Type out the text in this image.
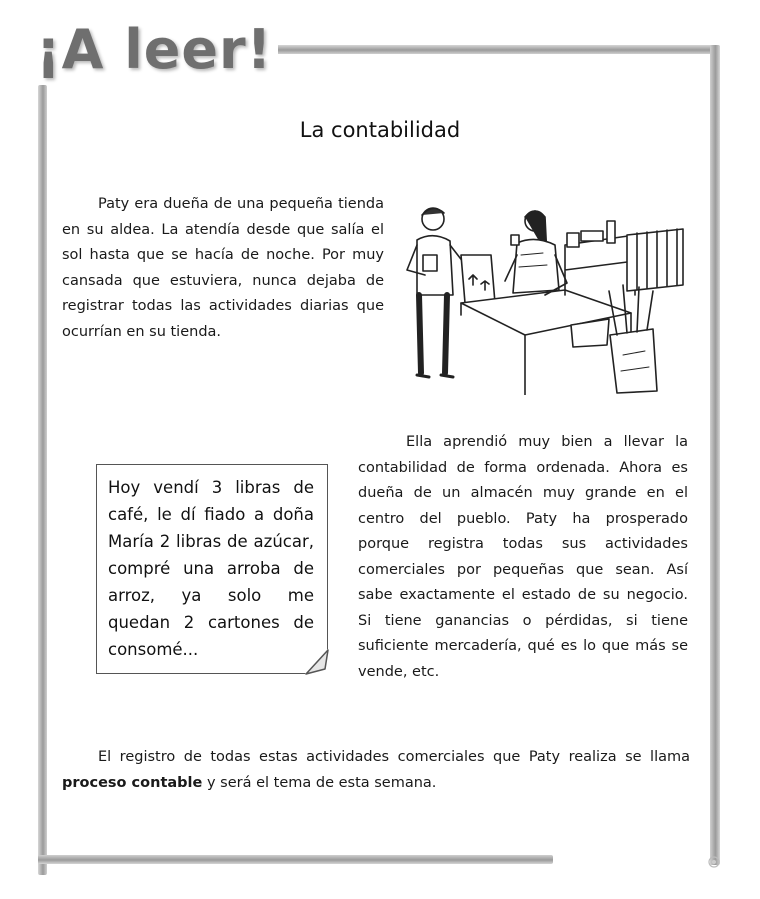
¡A leer!
La contabilidad

Paty era dueña de una pequeña tienda en su aldea. La atendía desde que salía el sol hasta que se hacía de noche. Por muy cansada que estuviera, nunca dejaba de registrar todas las actividades diarias que ocurrían en su tienda.

Ella aprendió muy bien a llevar la contabilidad de forma ordenada. Ahora es dueña de un almacén muy grande en el centro del pueblo. Paty ha prosperado porque registra todas sus actividades comerciales por pequeñas que sean. Así sabe exactamente el estado de su negocio. Si tiene ganancias o pérdidas, si tiene suficiente mercadería, qué es lo que más se vende, etc.

Hoy vendí 3 libras de café, le dí fiado a doña María 2 libras de azúcar, compré una arroba de arroz, ya solo me quedan 2 cartones de consomé...

El registro de todas estas actividades comerciales que Paty realiza se llama proceso contable y será el tema de esta semana.
